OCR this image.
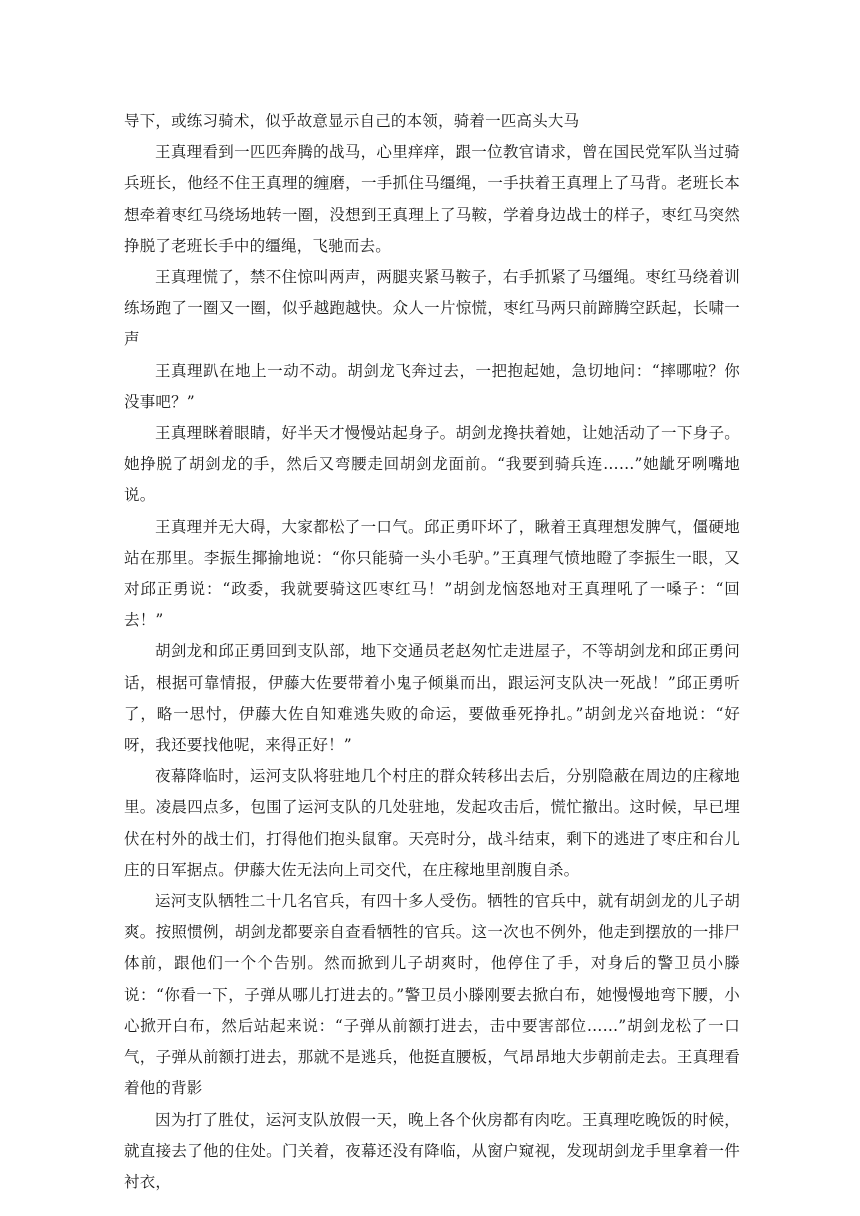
导下，或练习骑术，似乎故意显示自己的本领，骑着一匹高头大马

王真理看到一匹匹奔腾的战马，心里痒痒，跟一位教官请求，曾在国民党军队当过骑兵班长，他经不住王真理的缠磨，一手抓住马缰绳，一手扶着王真理上了马背。老班长本想牵着枣红马绕场地转一圈，没想到王真理上了马鞍，学着身边战士的样子，枣红马突然挣脱了老班长手中的缰绳，飞驰而去。

王真理慌了，禁不住惊叫两声，两腿夹紧马鞍子，右手抓紧了马缰绳。枣红马绕着训练场跑了一圈又一圈，似乎越跑越快。众人一片惊慌，枣红马两只前蹄腾空跃起，长啸一声

王真理趴在地上一动不动。胡剑龙飞奔过去，一把抱起她，急切地问：“摔哪啦？你没事吧？”

王真理眯着眼睛，好半天才慢慢站起身子。胡剑龙搀扶着她，让她活动了一下身子。她挣脱了胡剑龙的手，然后又弯腰走回胡剑龙面前。“我要到骑兵连……”她龇牙咧嘴地说。

王真理并无大碍，大家都松了一口气。邱正勇吓坏了，瞅着王真理想发脾气，僵硬地站在那里。李振生揶揄地说：“你只能骑一头小毛驴。”王真理气愤地瞪了李振生一眼，又对邱正勇说：“政委，我就要骑这匹枣红马！”胡剑龙恼怒地对王真理吼了一嗓子：“回去！”

胡剑龙和邱正勇回到支队部，地下交通员老赵匆忙走进屋子，不等胡剑龙和邱正勇问话，根据可靠情报，伊藤大佐要带着小鬼子倾巢而出，跟运河支队决一死战！”邱正勇听了，略一思忖，伊藤大佐自知难逃失败的命运，要做垂死挣扎。”胡剑龙兴奋地说：“好呀，我还要找他呢，来得正好！”

夜幕降临时，运河支队将驻地几个村庄的群众转移出去后，分别隐蔽在周边的庄稼地里。凌晨四点多，包围了运河支队的几处驻地，发起攻击后，慌忙撤出。这时候，早已埋伏在村外的战士们，打得他们抱头鼠窜。天亮时分，战斗结束，剩下的逃进了枣庄和台儿庄的日军据点。伊藤大佐无法向上司交代，在庄稼地里剖腹自杀。

运河支队牺牲二十几名官兵，有四十多人受伤。牺牲的官兵中，就有胡剑龙的儿子胡爽。按照惯例，胡剑龙都要亲自查看牺牲的官兵。这一次也不例外，他走到摆放的一排尸体前，跟他们一个个告别。然而掀到儿子胡爽时，他停住了手，对身后的警卫员小滕说：“你看一下，子弹从哪儿打进去的。”警卫员小滕刚要去掀白布，她慢慢地弯下腰，小心掀开白布，然后站起来说：“子弹从前额打进去，击中要害部位……”胡剑龙松了一口气，子弹从前额打进去，那就不是逃兵，他挺直腰板，气昂昂地大步朝前走去。王真理看着他的背影

因为打了胜仗，运河支队放假一天，晚上各个伙房都有肉吃。王真理吃晚饭的时候，就直接去了他的住处。门关着，夜幕还没有降临，从窗户窥视，发现胡剑龙手里拿着一件衬衣，
